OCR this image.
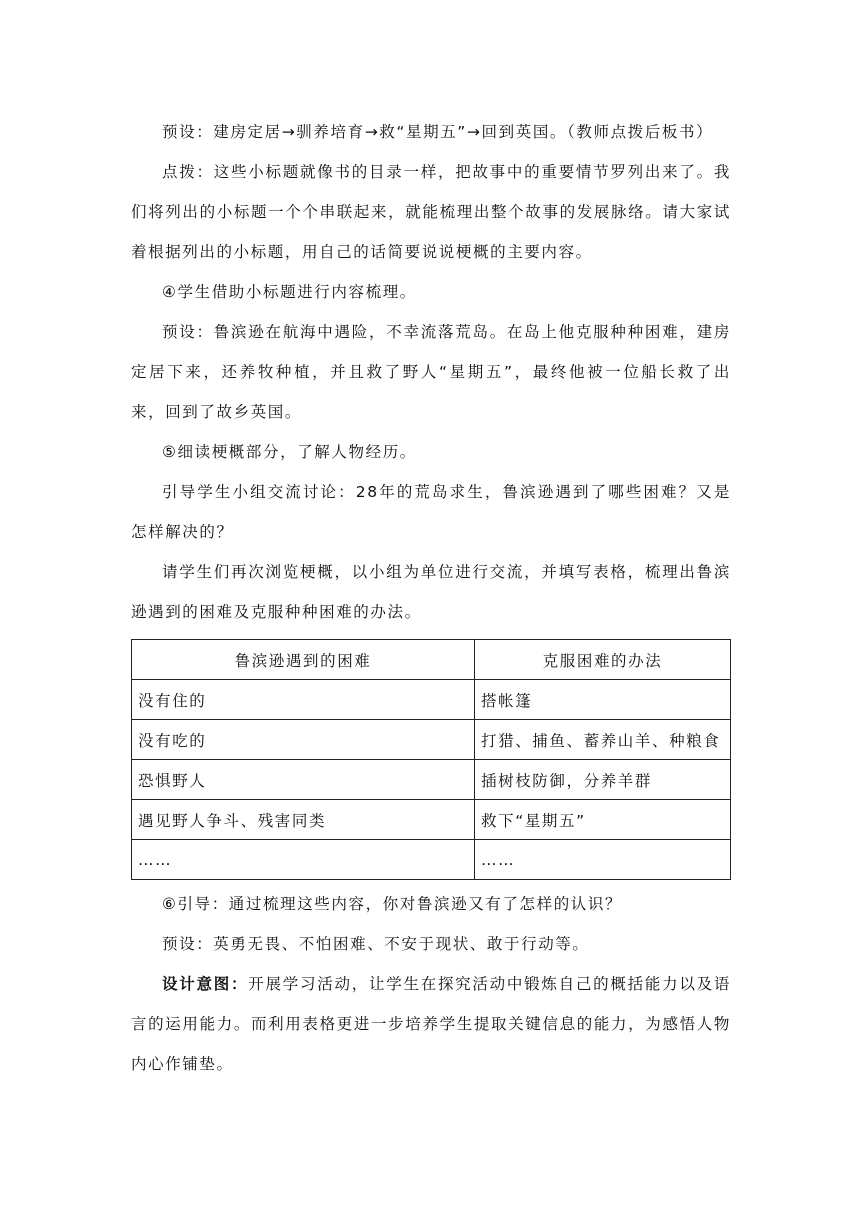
预设：建房定居→驯养培育→救“星期五”→回到英国。（教师点拨后板书）

点拨：这些小标题就像书的目录一样，把故事中的重要情节罗列出来了。我们将列出的小标题一个个串联起来，就能梳理出整个故事的发展脉络。请大家试着根据列出的小标题，用自己的话简要说说梗概的主要内容。

④学生借助小标题进行内容梳理。

预设：鲁滨逊在航海中遇险，不幸流落荒岛。在岛上他克服种种困难，建房定居下来，还养牧种植，并且救了野人“星期五”，最终他被一位船长救了出来，回到了故乡英国。

⑤细读梗概部分，了解人物经历。

引导学生小组交流讨论：28年的荒岛求生，鲁滨逊遇到了哪些困难？又是怎样解决的？

请学生们再次浏览梗概，以小组为单位进行交流，并填写表格，梳理出鲁滨逊遇到的困难及克服种种困难的办法。

鲁滨逊遇到的困难	克服困难的办法
没有住的	搭帐篷
没有吃的	打猎、捕鱼、蓄养山羊、种粮食
恐惧野人	插树枝防御，分养羊群
遇见野人争斗、残害同类	救下“星期五”
……	……

⑥引导：通过梳理这些内容，你对鲁滨逊又有了怎样的认识？

预设：英勇无畏、不怕困难、不安于现状、敢于行动等。

设计意图：开展学习活动，让学生在探究活动中锻炼自己的概括能力以及语言的运用能力。而利用表格更进一步培养学生提取关键信息的能力，为感悟人物内心作铺垫。
